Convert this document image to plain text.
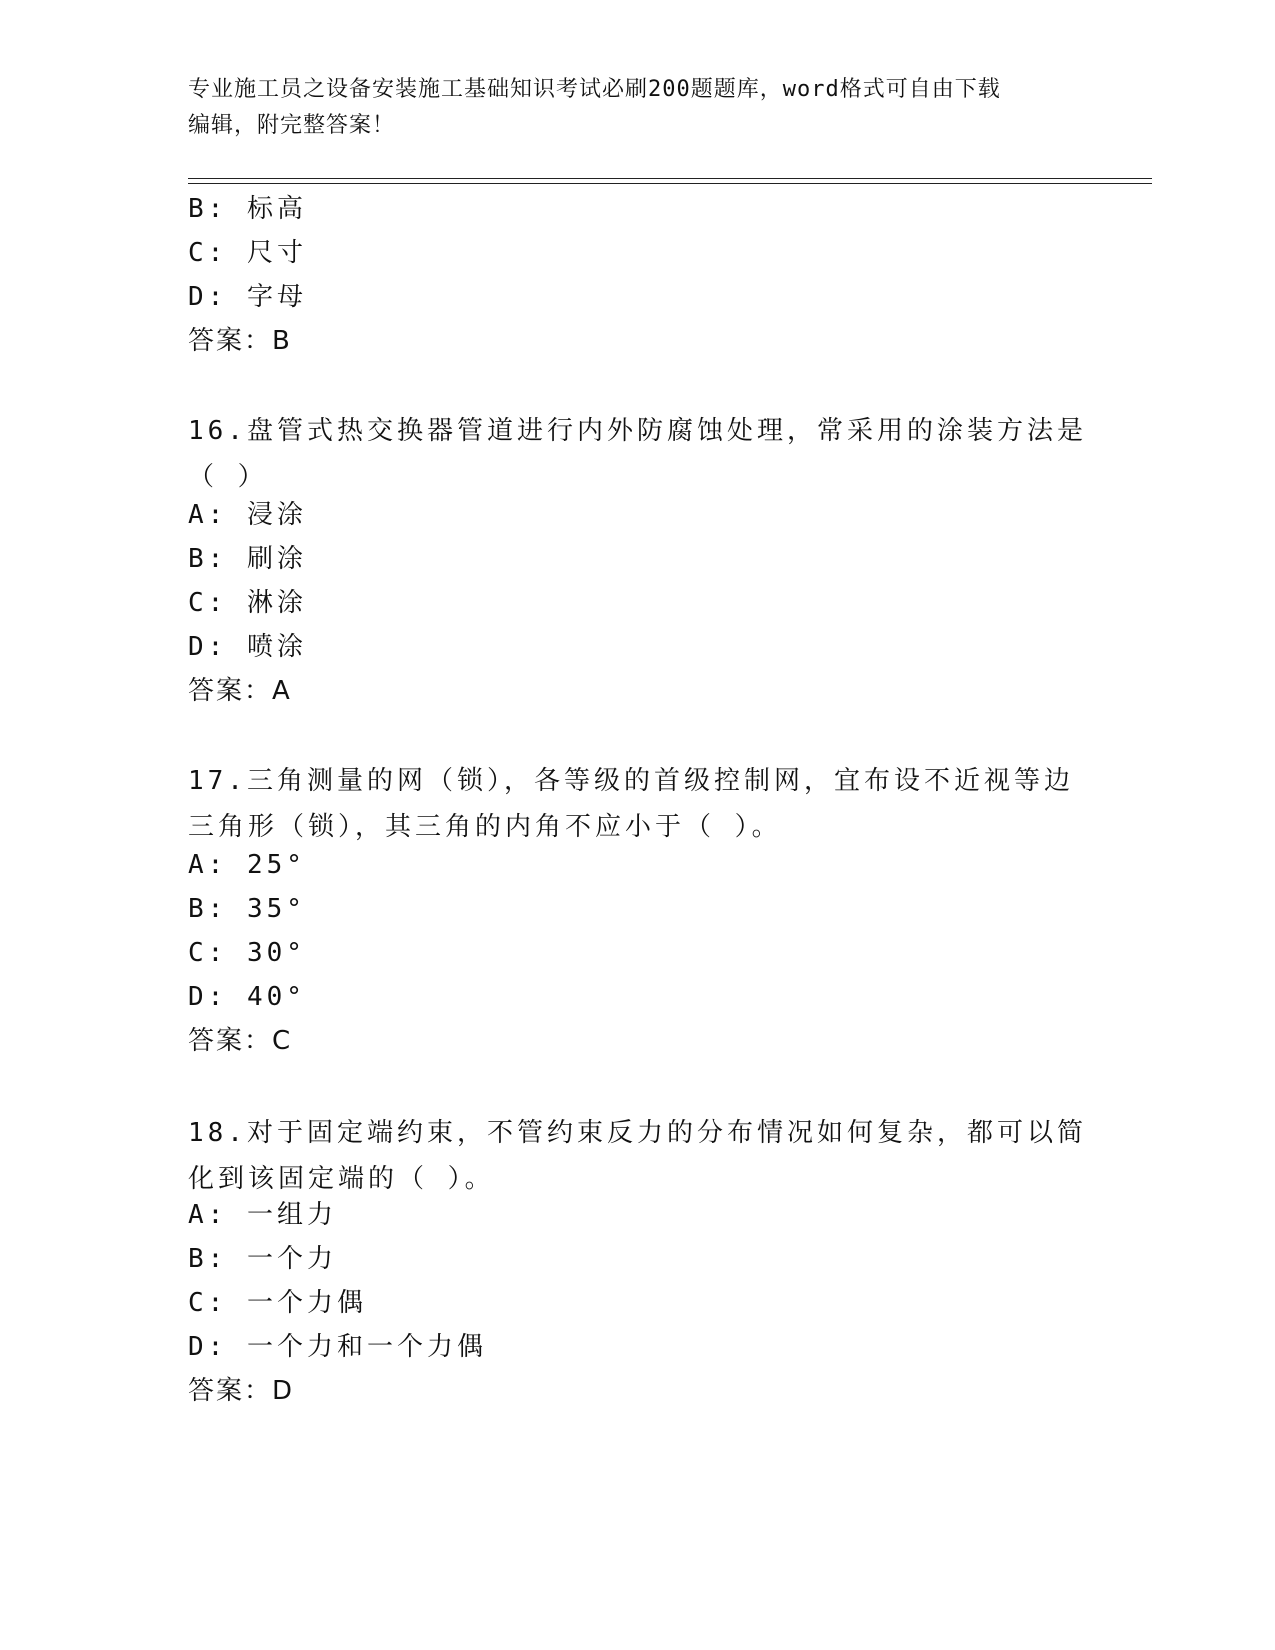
专业施工员之设备安装施工基础知识考试必刷200题题库，word格式可自由下载
编辑，附完整答案！
B: 标高
C: 尺寸
D: 字母
答案：B
16.盘管式热交换器管道进行内外防腐蚀处理，常采用的涂装方法是（ ）
A: 浸涂
B: 刷涂
C: 淋涂
D: 喷涂
答案：A
17.三角测量的网（锁），各等级的首级控制网，宜布设不近视等边三角形（锁），其三角的内角不应小于（ ）。
A: 25°
B: 35°
C: 30°
D: 40°
答案：C
18.对于固定端约束，不管约束反力的分布情况如何复杂，都可以简化到该固定端的（ ）。
A: 一组力
B: 一个力
C: 一个力偶
D: 一个力和一个力偶
答案：D
